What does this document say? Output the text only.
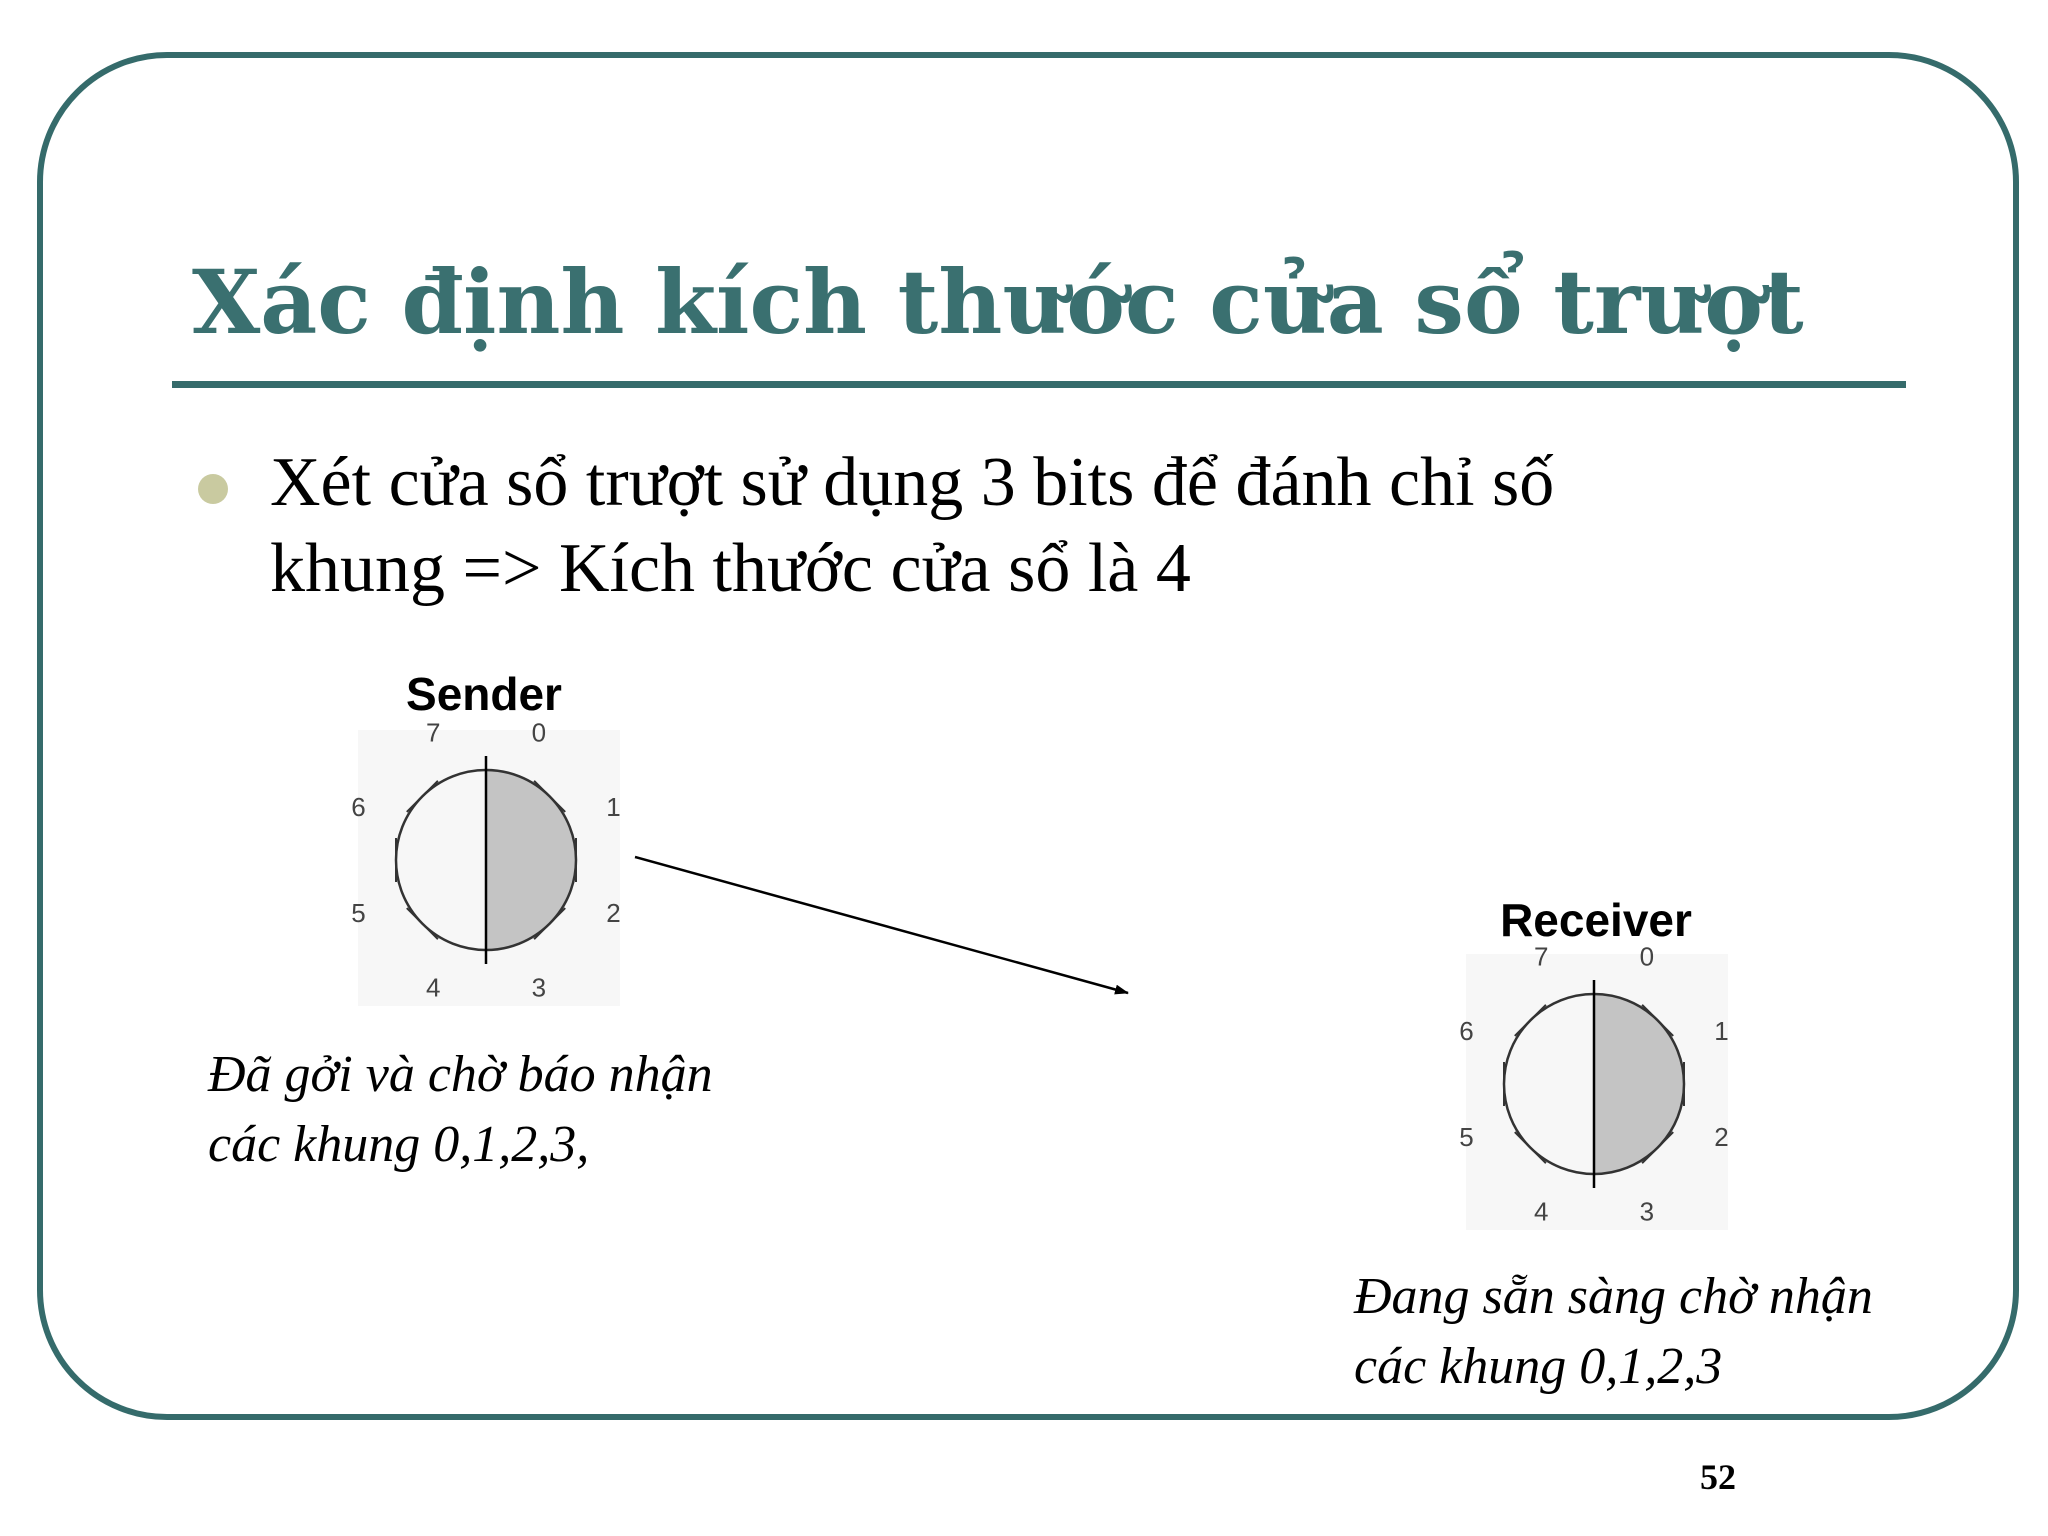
Xác định kích thước cửa sổ trượt
Xét cửa sổ trượt sử dụng 3 bits để đánh chỉ số
khung => Kích thước cửa sổ là 4
Sender
0
1
2
3
4
5
6
7
Receiver
0
1
2
3
4
5
6
7
Đã gởi và chờ báo nhận
các khung 0,1,2,3,
Đang sẵn sàng chờ nhận
các khung 0,1,2,3
52
